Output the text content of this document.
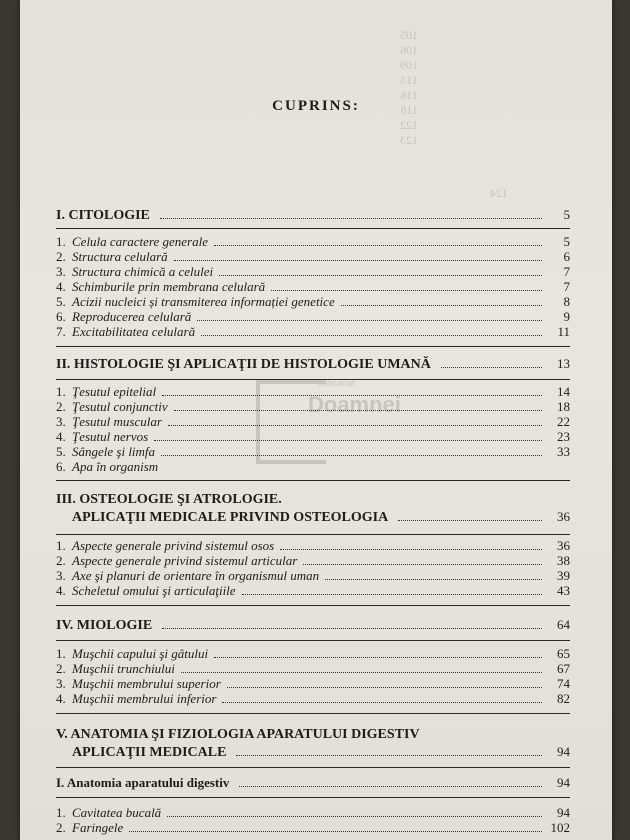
105
106
109
113
116
118
122
123
124

CUPRINS:
anticariat
Doamnei
I. CITOLOGIE	5
1. Celula caractere generale	5
2. Structura celulară	6
3. Structura chimică a celulei	7
4. Schimburile prin membrana celulară	7
5. Acizii nucleici și transmiterea informației genetice	8
6. Reproducerea celulară	9
7. Excitabilitatea celulară	11
II. HISTOLOGIE ŞI APLICAŢII DE HISTOLOGIE UMANĂ	13
1. Ţesutul epitelial	14
2. Ţesutul conjunctiv	18
3. Ţesutul muscular	22
4. Ţesutul nervos	23
5. Sângele şi limfa	33
6. Apa în organism
III. OSTEOLOGIE ŞI ATROLOGIE.
APLICAŢII MEDICALE PRIVIND OSTEOLOGIA	36
1. Aspecte generale privind sistemul osos	36
2. Aspecte generale privind sistemul articular	38
3. Axe şi planuri de orientare în organismul uman	39
4. Scheletul omului şi articulaţiile	43
IV. MIOLOGIE	64
1. Muşchii capului şi gâtului	65
2. Muşchii trunchiului	67
3. Muşchii membrului superior	74
4. Muşchii membrului inferior	82
V. ANATOMIA ŞI FIZIOLOGIA APARATULUI DIGESTIV
APLICAŢII MEDICALE	94
I. Anatomia aparatului digestiv	94
1. Cavitatea bucală	94
2. Faringele	102
